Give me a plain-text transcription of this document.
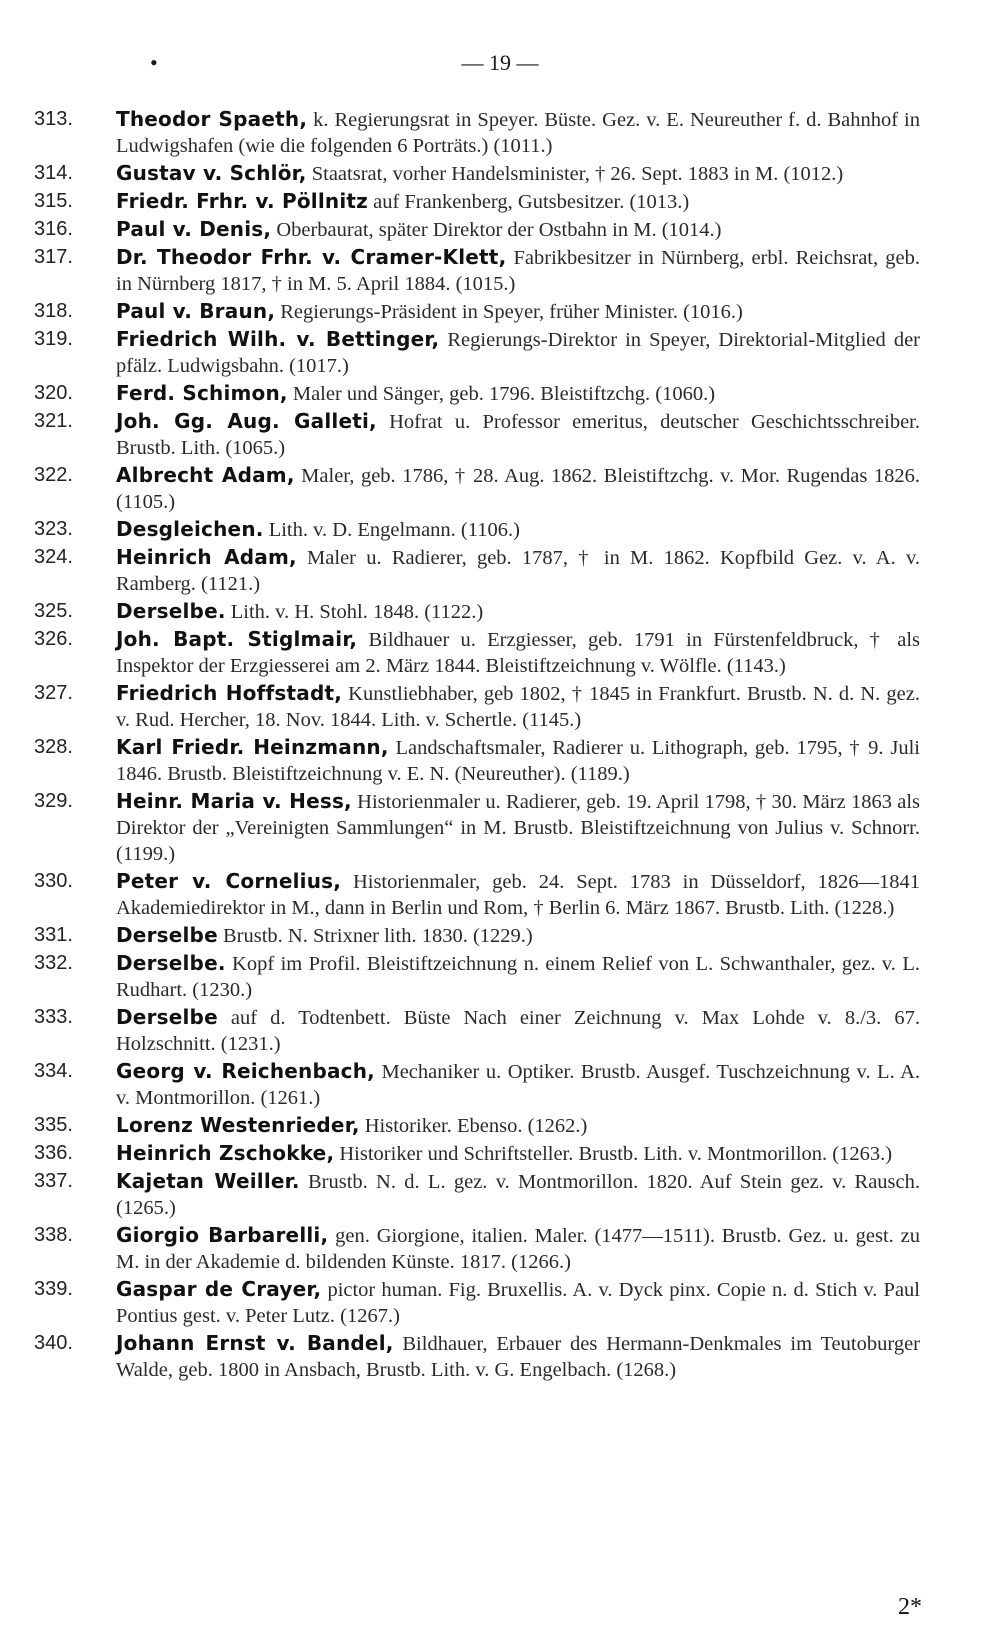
•	— 19 —
313. Theodor Spaeth, k. Regierungsrat in Speyer. Büste. Gez. v. E. Neureuther f. d. Bahnhof in Ludwigshafen (wie die folgenden 6 Porträts.) (1011.)
314. Gustav v. Schlör, Staatsrat, vorher Handelsminister, † 26. Sept. 1883 in M. (1012.)
315. Friedr. Frhr. v. Pöllnitz auf Frankenberg, Gutsbesitzer. (1013.)
316. Paul v. Denis, Oberbaurat, später Direktor der Ostbahn in M. (1014.)
317. Dr. Theodor Frhr. v. Cramer-Klett, Fabrikbesitzer in Nürnberg, erbl. Reichsrat, geb. in Nürnberg 1817, † in M. 5. April 1884. (1015.)
318. Paul v. Braun, Regierungs-Präsident in Speyer, früher Minister. (1016.)
319. Friedrich Wilh. v. Bettinger, Regierungs-Direktor in Speyer, Direktorial-Mitglied der pfälz. Ludwigsbahn. (1017.)
320. Ferd. Schimon, Maler und Sänger, geb. 1796. Bleistiftzchg. (1060.)
321. Joh. Gg. Aug. Galleti, Hofrat u. Professor emeritus, deutscher Geschichtsschreiber. Brustb. Lith. (1065.)
322. Albrecht Adam, Maler, geb. 1786, † 28. Aug. 1862. Bleistiftzchg. v. Mor. Rugendas 1826. (1105.)
323. Desgleichen. Lith. v. D. Engelmann. (1106.)
324. Heinrich Adam, Maler u. Radierer, geb. 1787, † in M. 1862. Kopfbild Gez. v. A. v. Ramberg. (1121.)
325. Derselbe. Lith. v. H. Stohl. 1848. (1122.)
326. Joh. Bapt. Stiglmair, Bildhauer u. Erzgiesser, geb. 1791 in Fürstenfeldbruck, † als Inspektor der Erzgiesserei am 2. März 1844. Bleistiftzeichnung v. Wölfle. (1143.)
327. Friedrich Hoffstadt, Kunstliebhaber, geb 1802, † 1845 in Frankfurt. Brustb. N. d. N. gez. v. Rud. Hercher, 18. Nov. 1844. Lith. v. Schertle. (1145.)
328. Karl Friedr. Heinzmann, Landschaftsmaler, Radierer u. Lithograph, geb. 1795, † 9. Juli 1846. Brustb. Bleistiftzeichnung v. E. N. (Neureuther). (1189.)
329. Heinr. Maria v. Hess, Historienmaler u. Radierer, geb. 19. April 1798, † 30. März 1863 als Direktor der „Vereinigten Sammlungen“ in M. Brustb. Bleistiftzeichnung von Julius v. Schnorr. (1199.)
330. Peter v. Cornelius, Historienmaler, geb. 24. Sept. 1783 in Düsseldorf, 1826—1841 Akademiedirektor in M., dann in Berlin und Rom, † Berlin 6. März 1867. Brustb. Lith. (1228.)
331. Derselbe Brustb. N. Strixner lith. 1830. (1229.)
332. Derselbe. Kopf im Profil. Bleistiftzeichnung n. einem Relief von L. Schwanthaler, gez. v. L. Rudhart. (1230.)
333. Derselbe auf d. Todtenbett. Büste Nach einer Zeichnung v. Max Lohde v. 8./3. 67. Holzschnitt. (1231.)
334. Georg v. Reichenbach, Mechaniker u. Optiker. Brustb. Ausgef. Tuschzeichnung v. L. A. v. Montmorillon. (1261.)
335. Lorenz Westenrieder, Historiker. Ebenso. (1262.)
336. Heinrich Zschokke, Historiker und Schriftsteller. Brustb. Lith. v. Montmorillon. (1263.)
337. Kajetan Weiller. Brustb. N. d. L. gez. v. Montmorillon. 1820. Auf Stein gez. v. Rausch. (1265.)
338. Giorgio Barbarelli, gen. Giorgione, italien. Maler. (1477—1511). Brustb. Gez. u. gest. zu M. in der Akademie d. bildenden Künste. 1817. (1266.)
339. Gaspar de Crayer, pictor human. Fig. Bruxellis. A. v. Dyck pinx. Copie n. d. Stich v. Paul Pontius gest. v. Peter Lutz. (1267.)
340. Johann Ernst v. Bandel, Bildhauer, Erbauer des Hermann-Denkmales im Teutoburger Walde, geb. 1800 in Ansbach, Brustb. Lith. v. G. Engelbach. (1268.)
2*
